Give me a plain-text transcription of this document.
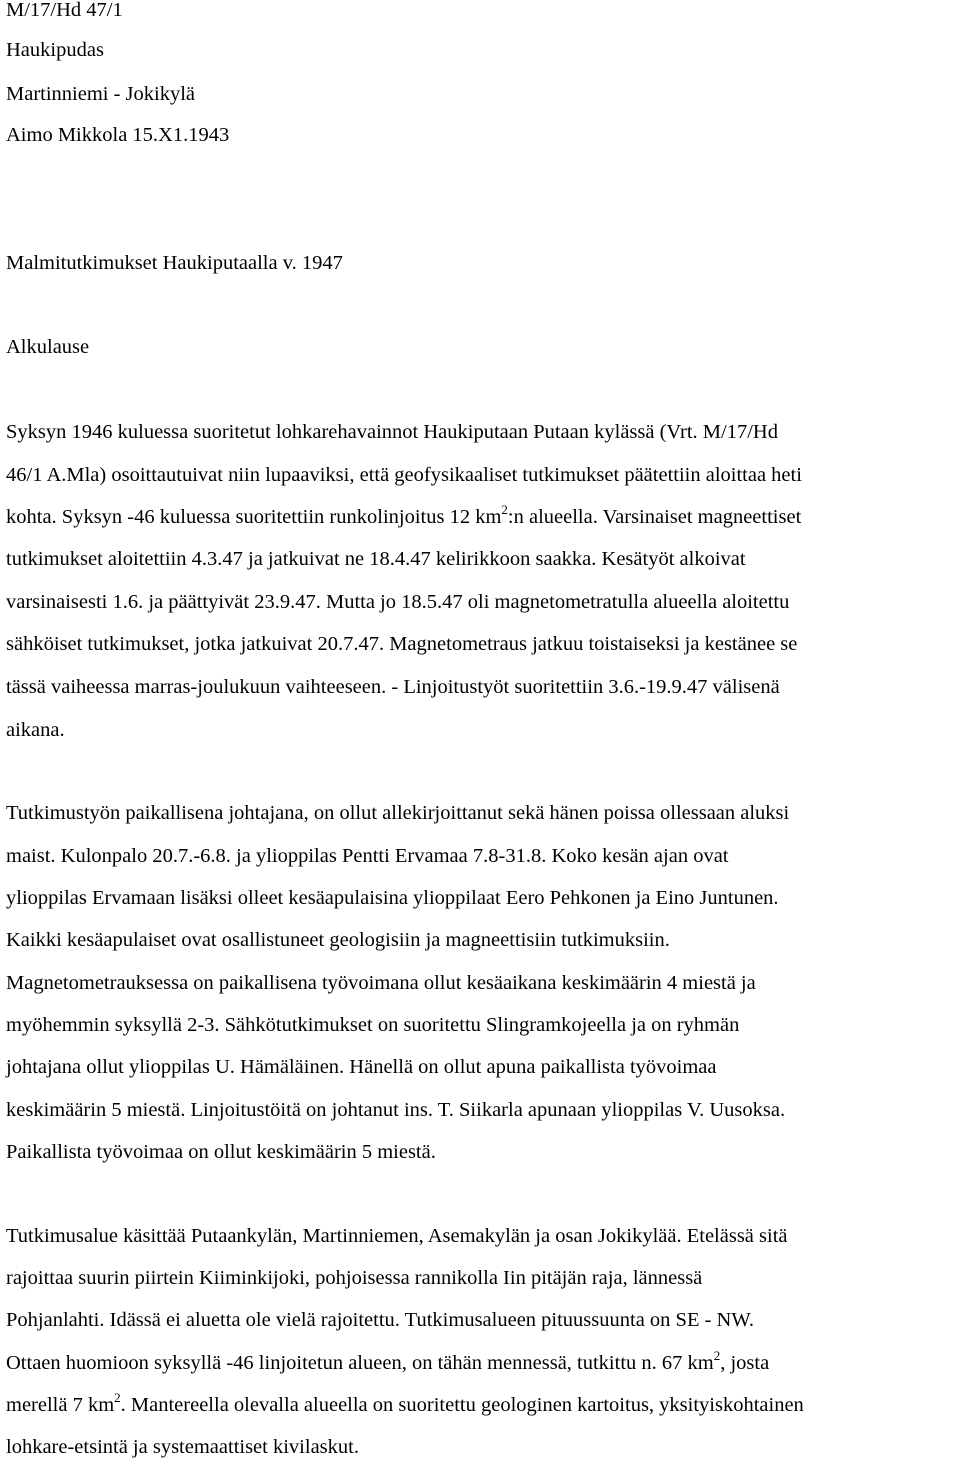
M/17/Hd 47/1
Haukipudas
Martinniemi - Jokikylä
Aimo Mikkola 15.X1.1943
Malmitutkimukset Haukiputaalla v. 1947
Alkulause
Syksyn 1946 kuluessa suoritetut lohkarehavainnot Haukiputaan Putaan kylässä (Vrt. M/17/Hd
46/1 A.Mla) osoittautuivat niin lupaaviksi, että geofysikaaliset tutkimukset päätettiin aloittaa heti
kohta. Syksyn -46 kuluessa suoritettiin runkolinjoitus 12 $km^2:n$ alueella. Varsinaiset magneettiset
tutkimukset aloitettiin 4.3.47 ja jatkuivat ne 18.4.47 kelirikkoon saakka. Kesätyöt alkoivat
varsinaisesti 1.6. ja päättyivät 23.9.47. Mutta jo 18.5.47 oli magnetometratulla alueella aloitettu
sähköiset tutkimukset, jotka jatkuivat 20.7.47. Magnetometraus jatkuu toistaiseksi ja kestänee se
tässä vaiheessa marras-joulukuun vaihteeseen. - Linjoitustyöt suoritettiin 3.6.-19.9.47 välisenä
aikana.
Tutkimustyön paikallisena johtajana, on ollut allekirjoittanut sekä hänen poissa ollessaan aluksi
maist. Kulonpalo 20.7.-6.8. ja ylioppilas Pentti Ervamaa 7.8-31.8. Koko kesän ajan ovat
ylioppilas Ervamaan lisäksi olleet kesäapulaisina ylioppilaat Eero Pehkonen ja Eino Juntunen.
Kaikki kesäapulaiset ovat osallistuneet geologisiin ja magneettisiin tutkimuksiin.
Magnetometrauksessa on paikallisena työvoimana ollut kesäaikana keskimäärin 4 miestä ja
myöhemmin syksyllä 2-3. Sähkötutkimukset on suoritettu Slingramkojeella ja on ryhmän
johtajana ollut ylioppilas U. Hämäläinen. Hänellä on ollut apuna paikallista työvoimaa
keskimäärin 5 miestä. Linjoitustöitä on johtanut ins. T. Siikarla apunaan ylioppilas V. Uusoksa.
Paikallista työvoimaa on ollut keskimäärin 5 miestä.
Tutkimusalue käsittää Putaankylän, Martinniemen, Asemakylän ja osan Jokikylää. Etelässä sitä
rajoittaa suurin piirtein Kiiminkijoki, pohjoisessa rannikolla Iin pitäjän raja, lännessä
Pohjanlahti. Idässä ei aluetta ole vielä rajoitettu. Tutkimusalueen pituussuunta on SE - NW.
Ottaen huomioon syksyllä -46 linjoitetun alueen, on tähän mennessä, tutkittu n. 67 $km^2$, josta
merellä 7 $km^2$. Mantereella olevalla alueella on suoritettu geologinen kartoitus, yksityiskohtainen
lohkare-etsintä ja systemaattiset kivilaskut.
